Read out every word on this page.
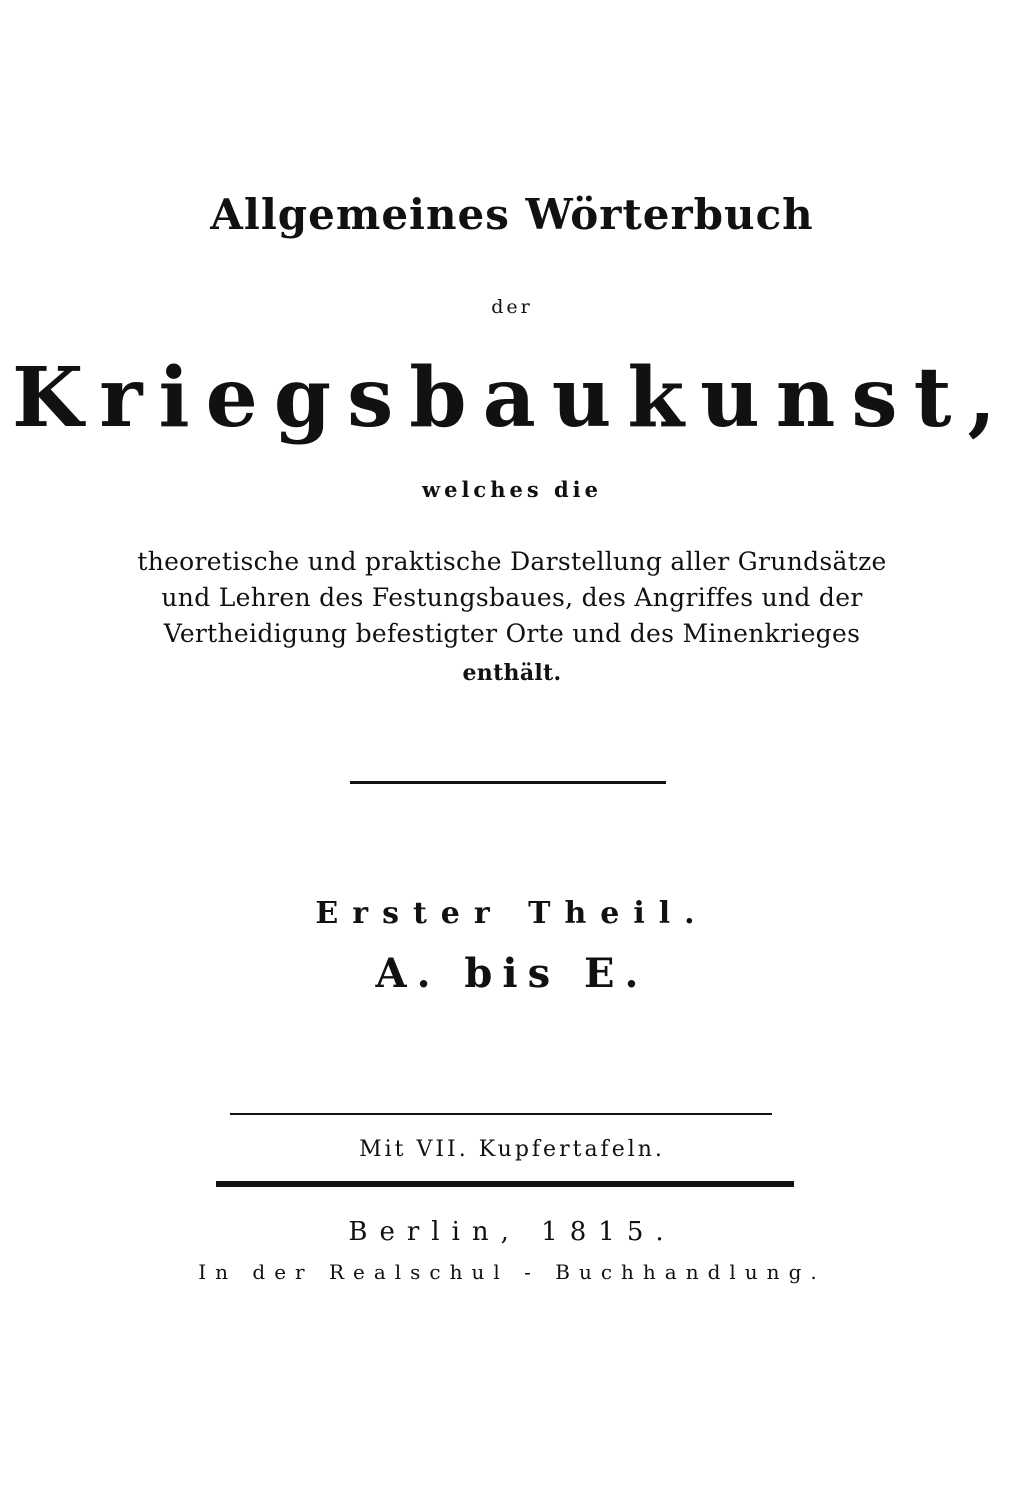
Allgemeines Wörterbuch
der
Kriegsbaukunst,
welches die
theoretische und praktische Darstellung aller Grundsätze
und Lehren des Festungsbaues, des Angriffes und der
Vertheidigung befestigter Orte und des Minenkrieges
enthält.
Erster Theil.
A. bis E.
Mit VII. Kupfertafeln.
Berlin, 1815.
In der Realschul - Buchhandlung.
